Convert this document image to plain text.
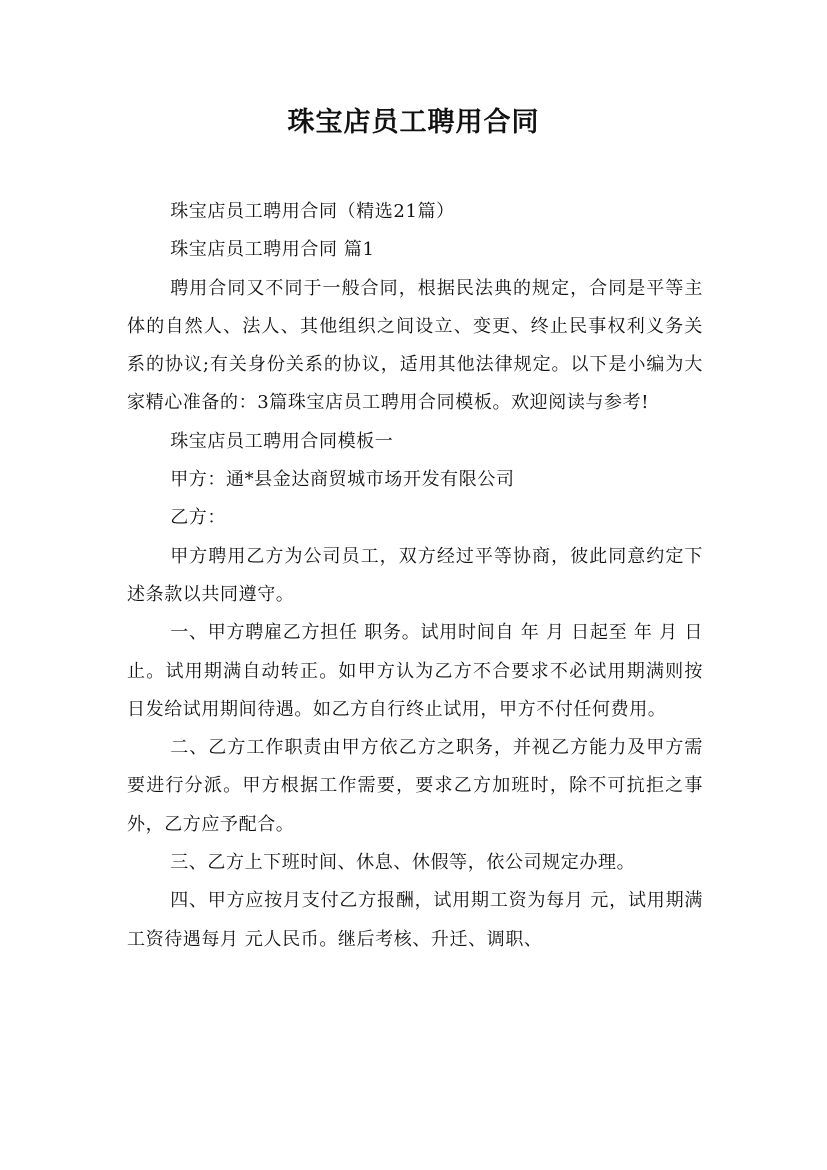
珠宝店员工聘用合同

珠宝店员工聘用合同（精选21篇）

珠宝店员工聘用合同 篇1

聘用合同又不同于一般合同，根据民法典的规定，合同是平等主体的自然人、法人、其他组织之间设立、变更、终止民事权利义务关系的协议;有关身份关系的协议，适用其他法律规定。以下是小编为大家精心准备的：3篇珠宝店员工聘用合同模板。欢迎阅读与参考!

珠宝店员工聘用合同模板一

甲方：通*县金达商贸城市场开发有限公司

乙方：

甲方聘用乙方为公司员工，双方经过平等协商，彼此同意约定下述条款以共同遵守。

一、甲方聘雇乙方担任 职务。试用时间自 年 月 日起至 年 月 日止。试用期满自动转正。如甲方认为乙方不合要求不必试用期满则按日发给试用期间待遇。如乙方自行终止试用，甲方不付任何费用。

二、乙方工作职责由甲方依乙方之职务，并视乙方能力及甲方需要进行分派。甲方根据工作需要，要求乙方加班时，除不可抗拒之事外，乙方应予配合。

三、乙方上下班时间、休息、休假等，依公司规定办理。

四、甲方应按月支付乙方报酬，试用期工资为每月 元，试用期满工资待遇每月 元人民币。继后考核、升迁、调职、
